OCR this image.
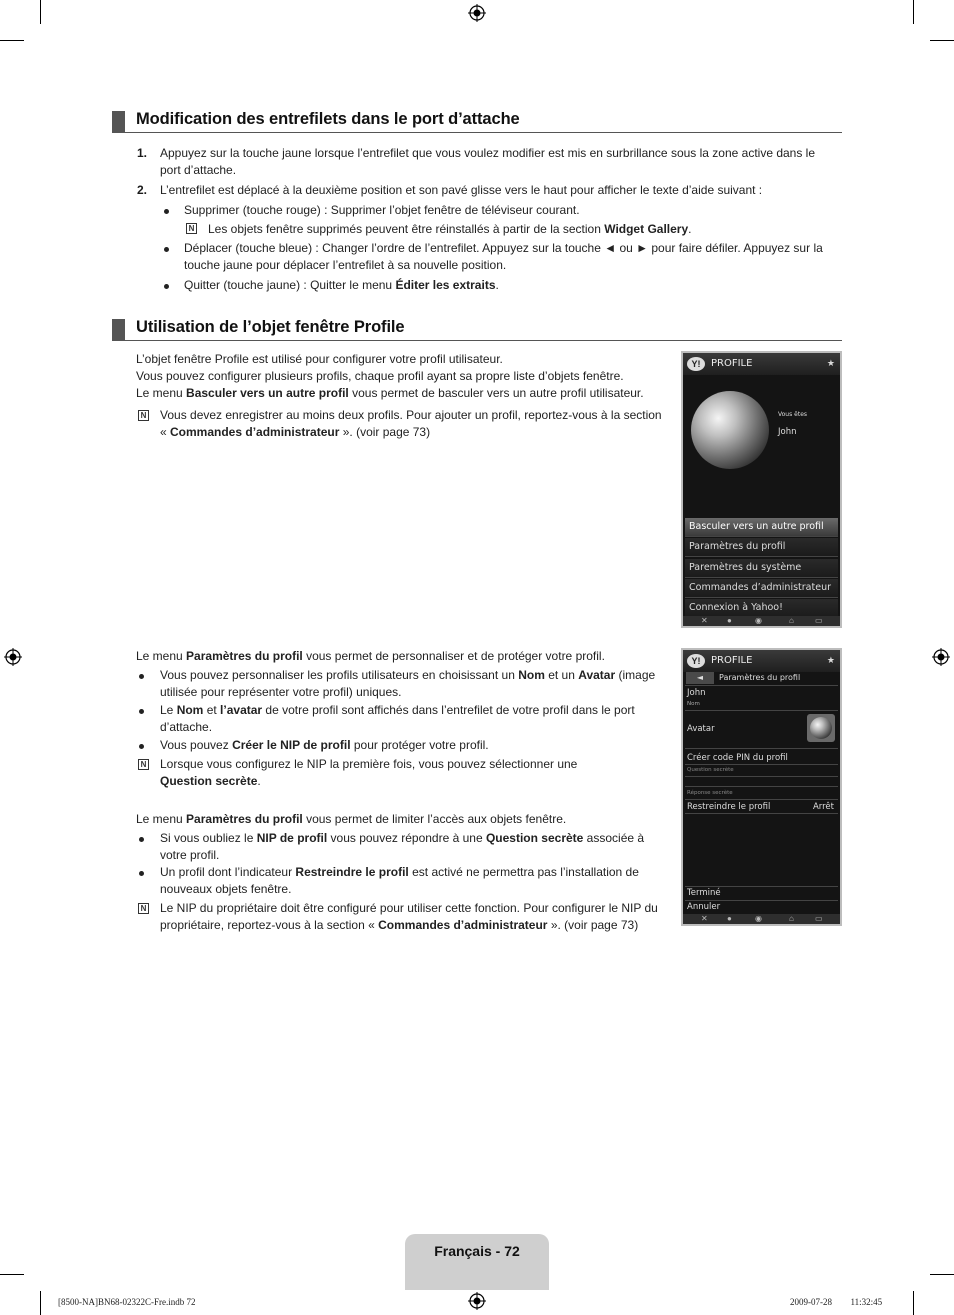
Modification des entrefilets dans le port d’attache
1. Appuyez sur la touche jaune lorsque l’entrefilet que vous voulez modifier est mis en surbrillance sous la zone active dans le
port d’attache.
2. L’entrefilet est déplacé à la deuxième position et son pavé glisse vers le haut pour afficher le texte d’aide suivant :
Supprimer (touche rouge) : Supprimer l’objet fenêtre de téléviseur courant.
N Les objets fenêtre supprimés peuvent être réinstallés à partir de la section Widget Gallery.
Déplacer (touche bleue) : Changer l’ordre de l’entrefilet. Appuyez sur la touche ◄ ou ► pour faire défiler. Appuyez sur la
touche jaune pour déplacer l’entrefilet à sa nouvelle position.
Quitter (touche jaune) : Quitter le menu Éditer les extraits.
Utilisation de l’objet fenêtre Profile
L’objet fenêtre Profile est utilisé pour configurer votre profil utilisateur.
Vous pouvez configurer plusieurs profils, chaque profil ayant sa propre liste d’objets fenêtre.
Le menu Basculer vers un autre profil vous permet de basculer vers un autre profil utilisateur.
N Vous devez enregistrer au moins deux profils. Pour ajouter un profil, reportez-vous à la section
« Commandes d’administrateur ». (voir page 73)
Y!	PROFILE	★
Vous êtes
John
Basculer vers un autre profil
Paramètres du profil
Paremètres du système
Commandes d’administrateur
Connexion à Yahoo!
✕ ●	◉	⌂	▭
Le menu Paramètres du profil vous permet de personnaliser et de protéger votre profil.
Vous pouvez personnaliser les profils utilisateurs en choisissant un Nom et un Avatar (image
utilisée pour représenter votre profil) uniques.
Le Nom et l’avatar de votre profil sont affichés dans l’entrefilet de votre profil dans le port
d’attache.
Vous pouvez Créer le NIP de profil pour protéger votre profil.
N Lorsque vous configurez le NIP la première fois, vous pouvez sélectionner une
Question secrète.
Le menu Paramètres du profil vous permet de limiter l’accès aux objets fenêtre.
Si vous oubliez le NIP de profil vous pouvez répondre à une Question secrète associée à
votre profil.
Un profil dont l’indicateur Restreindre le profil est activé ne permettra pas l’installation de
nouveaux objets fenêtre.
N Le NIP du propriétaire doit être configuré pour utiliser cette fonction. Pour configurer le NIP du
propriétaire, reportez-vous à la section « Commandes d’administrateur ». (voir page 73)
Y!	PROFILE	★
◄	Paramètres du profil
John
Nom
Avatar
Créer code PIN du profil
Question secrète
Réponse secrète
Restreindre le profil	Arrêt
Terminé
Annuler
✕ ●	◉	⌂	▭
Français - 72
[8500-NA]BN68-02322C-Fre.indb 72	2009-07-28 ￿￿ 11:32:45
